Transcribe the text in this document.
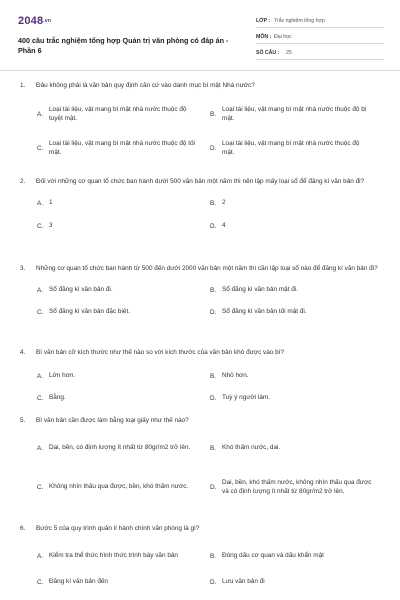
2048.vn
400 câu trắc nghiệm tổng hợp Quản trị văn phòng có đáp án - Phần 6
LỚP : Trắc nghiệm tổng hợp
MÔN : Đại học
SỐ CÂU : 25
1. Đâu không phải là văn bản quy định căn cứ vào danh mục bí mật Nhà nước?
A.
Loại tài liệu, vật mang bí mật nhà nước thuộc độ tuyệt mật.
B.
Loại tài liệu, vật mang bí mật nhà nước thuộc độ bí mật.
C.
Loại tài liệu, vật mang bí mật nhà nước thuộc độ tối mật.
D.
Loại tài liệu, vật mang bí mật nhà nước thuộc độ mật.
2. Đối với những cơ quan tổ chức ban hành dưới 500 văn bản một năm thì nên lập mấy loại sổ để đăng kí văn bản đi?
A. 1	B. 2
C. 3	D. 4
3. Những cơ quan tổ chức ban hành từ 500 đến dưới 2000 văn bản một năm thì cần lập loại sổ nào để đăng kí văn bản đi?
A. Sổ đăng kí văn bản đi.	B. Sổ đăng kí văn bản mật đi.
C. Sổ đăng kí văn bản đặc biệt.	D. Sổ đăng kí văn bản tối mật đi.
4. Bì văn bản cỡ kích thước như thế nào so với kích thước của văn bản khó được vào bì?
A. Lớn hơn.	B. Nhỏ hơn.
C. Bằng.	D. Tuỳ ý người làm.
5. Bì văn bản cần được làm bằng loại giấy như thế nào?
A. Dai, bền, có định lượng ít nhất từ 80gr/m2 trở lên.	B. Khó thấm nước, dai.
C. Không nhìn thấu qua được, bền, khó thấm nước.	D.
Dai, bền, khó thấm nước, không nhìn thấu qua được và có định lượng ít nhất từ 80gr/m2 trở lên.
6. Bước 5 của quy trình quản lí hành chính văn phòng là gì?
A. Kiểm tra thể thức hình thức trình bày văn bản	B. Đóng dấu cơ quan và dấu khẩn mật
C. Đăng kí văn bản đến	D. Lưu văn bản đi
